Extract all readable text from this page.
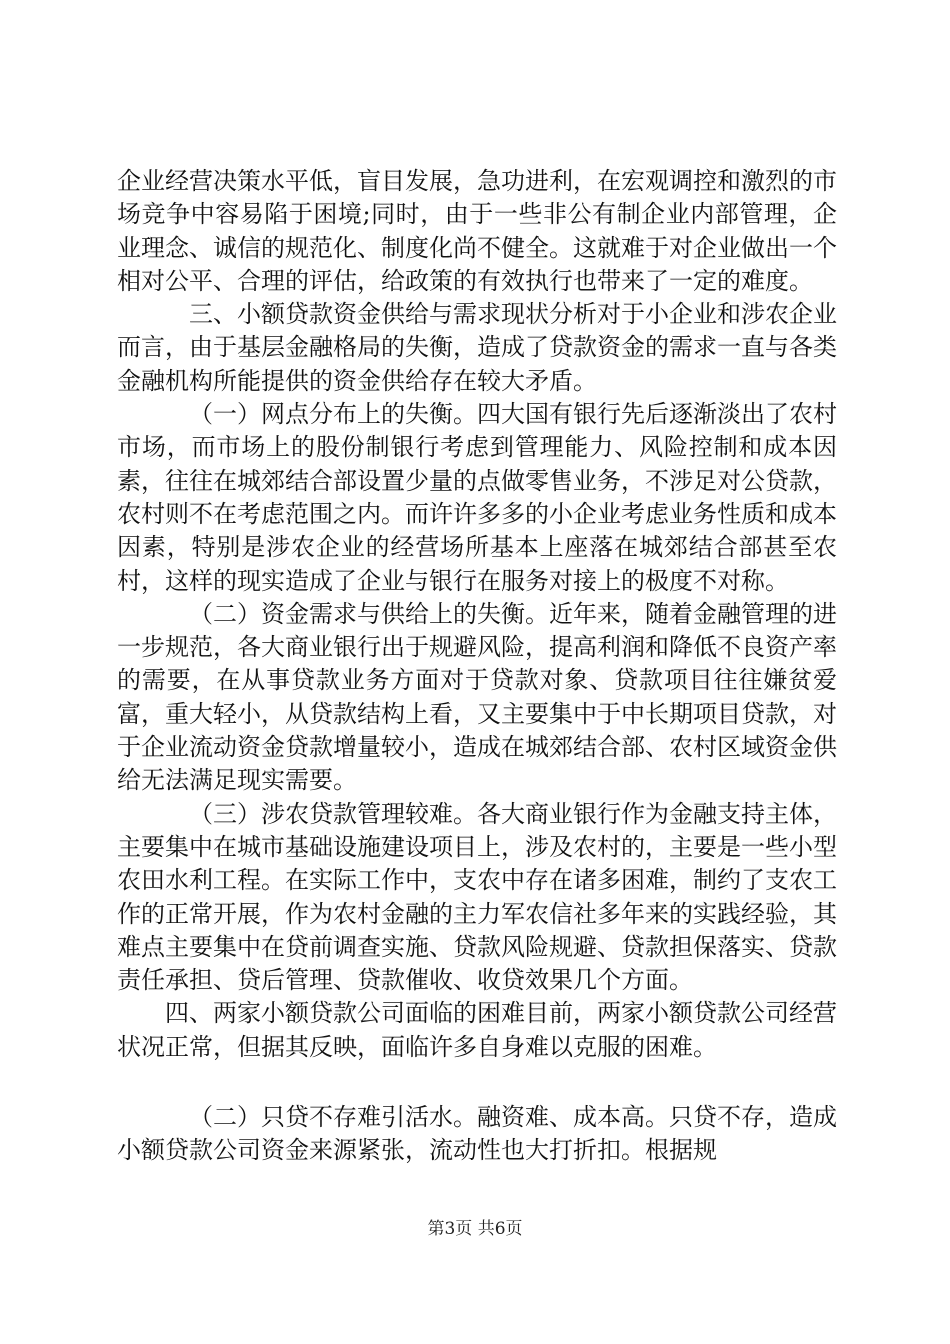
企业经营决策水平低，盲目发展，急功进利，在宏观调控和激烈的市场竞争中容易陷于困境;同时，由于一些非公有制企业内部管理，企业理念、诚信的规范化、制度化尚不健全。这就难于对企业做出一个相对公平、合理的评估，给政策的有效执行也带来了一定的难度。

三、小额贷款资金供给与需求现状分析对于小企业和涉农企业而言，由于基层金融格局的失衡，造成了贷款资金的需求一直与各类金融机构所能提供的资金供给存在较大矛盾。

（一）网点分布上的失衡。四大国有银行先后逐渐淡出了农村市场，而市场上的股份制银行考虑到管理能力、风险控制和成本因素，往往在城郊结合部设置少量的点做零售业务，不涉足对公贷款，农村则不在考虑范围之内。而许许多多的小企业考虑业务性质和成本因素，特别是涉农企业的经营场所基本上座落在城郊结合部甚至农村，这样的现实造成了企业与银行在服务对接上的极度不对称。

（二）资金需求与供给上的失衡。近年来，随着金融管理的进一步规范，各大商业银行出于规避风险，提高利润和降低不良资产率的需要，在从事贷款业务方面对于贷款对象、贷款项目往往嫌贫爱富，重大轻小，从贷款结构上看，又主要集中于中长期项目贷款，对于企业流动资金贷款增量较小，造成在城郊结合部、农村区域资金供给无法满足现实需要。

（三）涉农贷款管理较难。各大商业银行作为金融支持主体，主要集中在城市基础设施建设项目上，涉及农村的，主要是一些小型农田水利工程。在实际工作中，支农中存在诸多困难，制约了支农工作的正常开展，作为农村金融的主力军农信社多年来的实践经验，其难点主要集中在贷前调查实施、贷款风险规避、贷款担保落实、贷款责任承担、贷后管理、贷款催收、收贷效果几个方面。

四、两家小额贷款公司面临的困难目前，两家小额贷款公司经营状况正常，但据其反映，面临许多自身难以克服的困难。

（二）只贷不存难引活水。融资难、成本高。只贷不存，造成小额贷款公司资金来源紧张，流动性也大打折扣。根据规

第3页 共6页
